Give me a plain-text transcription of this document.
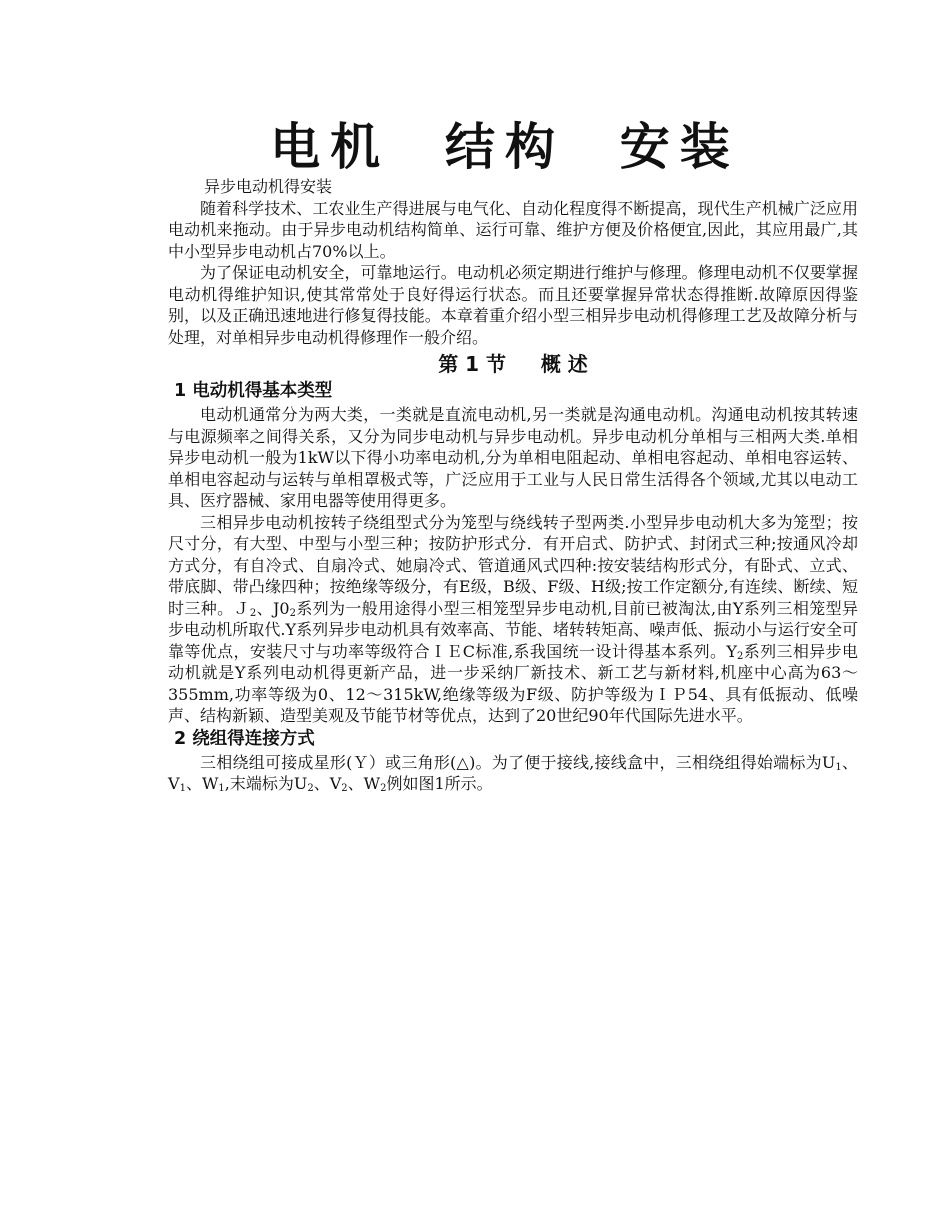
电机  结构  安装

异步电动机得安装

随着科学技术、工农业生产得进展与电气化、自动化程度得不断提高，现代生产机械广泛应用电动机来拖动。由于异步电动机结构简单、运行可靠、维护方便及价格便宜,因此，其应用最广,其中小型异步电动机占70%以上。

为了保证电动机安全，可靠地运行。电动机必须定期进行维护与修理。修理电动机不仅要掌握电动机得维护知识,使其常常处于良好得运行状态。而且还要掌握异常状态得推断.故障原因得鉴别，以及正确迅速地进行修复得技能。本章着重介绍小型三相异步电动机得修理工艺及故障分析与处理，对单相异步电动机得修理作一般介绍。

第 1 节     概 述
1 电动机得基本类型

电动机通常分为两大类，一类就是直流电动机,另一类就是沟通电动机。沟通电动机按其转速与电源频率之间得关系，又分为同步电动机与异步电动机。异步电动机分单相与三相两大类.单相异步电动机一般为1kW以下得小功率电动机,分为单相电阻起动、单相电容起动、单相电容运转、单相电容起动与运转与单相罩极式等，广泛应用于工业与人民日常生活得各个领域,尤其以电动工具、医疗器械、家用电器等使用得更多。

三相异步电动机按转子绕组型式分为笼型与绕线转子型两类.小型异步电动机大多为笼型；按尺寸分，有大型、中型与小型三种；按防护形式分．有开启式、防护式、封闭式三种;按通风冷却方式分，有自冷式、自扇冷式、她扇冷式、管道通风式四种:按安装结构形式分，有卧式、立式、带底脚、带凸缘四种；按绝缘等级分，有E级，B级、F级、H级;按工作定额分,有连续、断续、短时三种。Ｊ$_2$、$J0_2$系列为一般用途得小型三相笼型异步电动机,目前已被淘汰,由Y系列三相笼型异步电动机所取代.Y系列异步电动机具有效率高、节能、堵转转矩高、噪声低、振动小与运行安全可靠等优点，安装尺寸与功率等级符合ＩＥC标准,系我国统一设计得基本系列。$Y_2$系列三相异步电动机就是Y系列电动机得更新产品，进一步采纳厂新技术、新工艺与新材料,机座中心高为63～355mm,功率等级为0、12～315kW,绝缘等级为F级、防护等级为ＩＰ54、具有低振动、低噪声、结构新颖、造型美观及节能节材等优点，达到了20世纪90年代国际先进水平。

2 绕组得连接方式

三相绕组可接成星形(Ｙ）或三角形(△)。为了便于接线,接线盒中，三相绕组得始端标为$U_1$、$V_1$、$W_1$,末端标为$U_2$、$V_2$、$W_2$例如图1所示。
